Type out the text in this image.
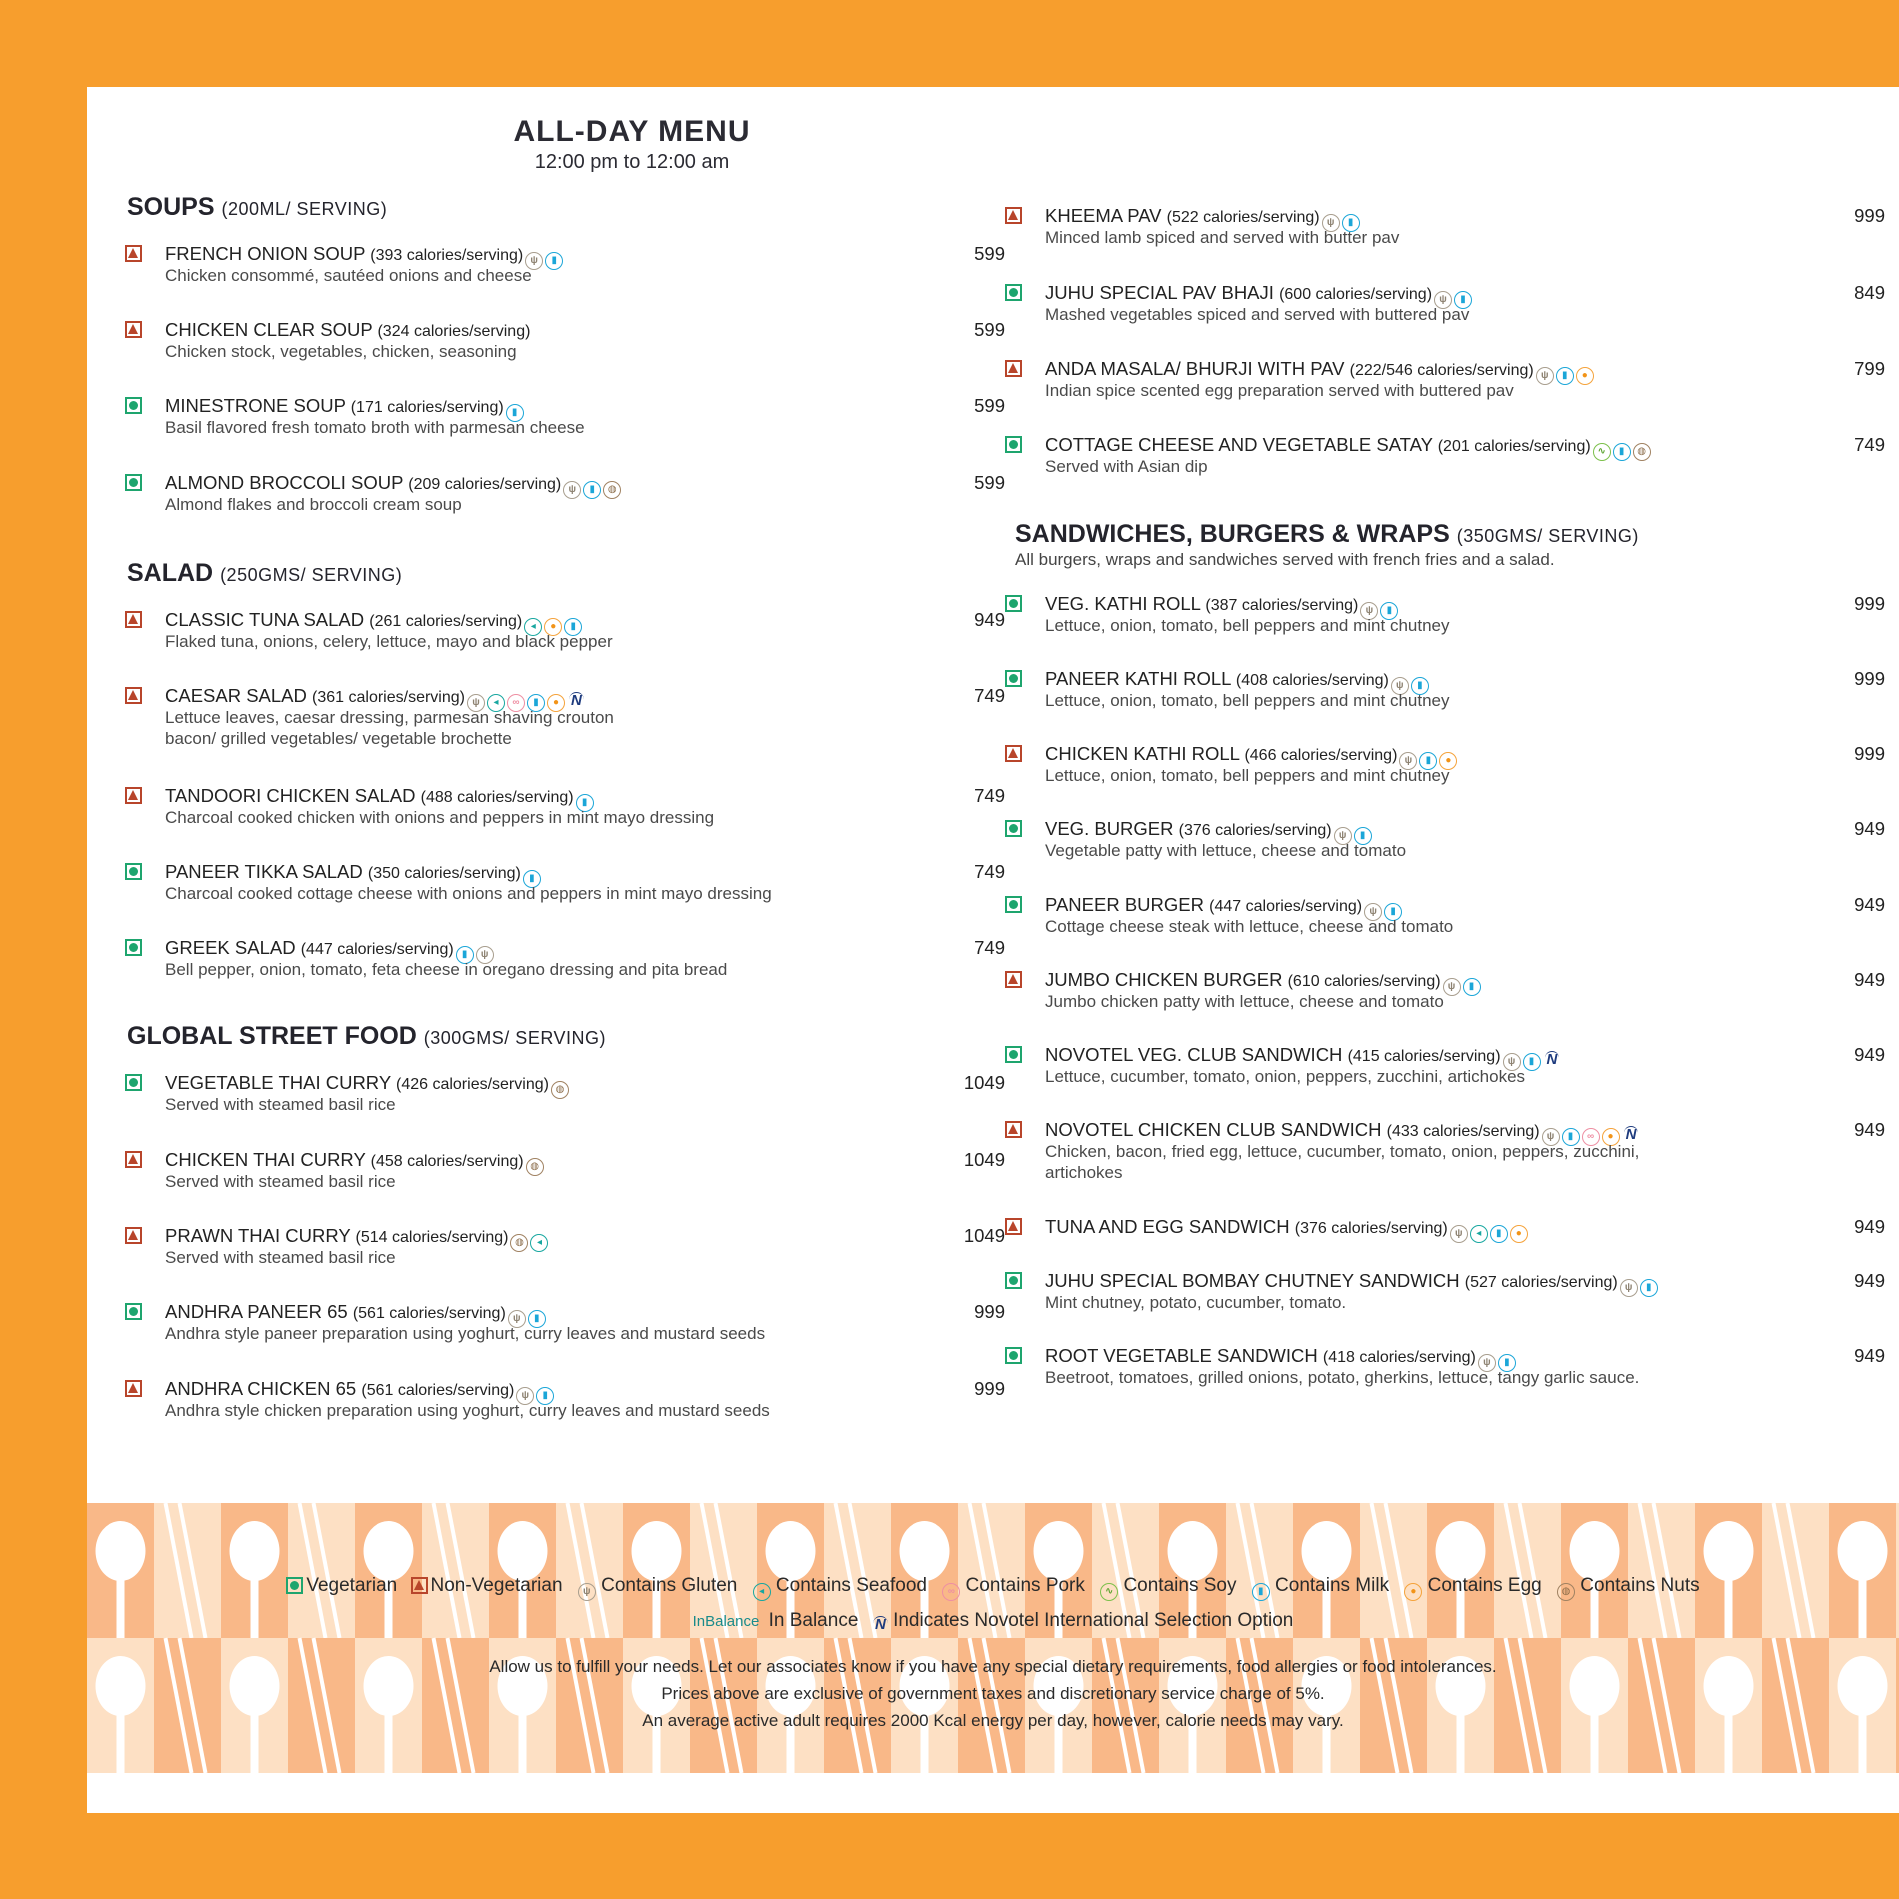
ALL-DAY MENU
12:00 pm to 12:00 am
SOUPS (200ML/ SERVING)
SALAD (250GMS/ SERVING)
GLOBAL STREET FOOD (300GMS/ SERVING)
FRENCH ONION SOUP (393 calories/serving) ψ ▮
Chicken consommé, sautéed onions and cheese
599
CHICKEN CLEAR SOUP (324 calories/serving)
Chicken stock, vegetables, chicken, seasoning
599
MINESTRONE SOUP (171 calories/serving) ▮
Basil flavored fresh tomato broth with parmesan cheese
599
ALMOND BROCCOLI SOUP (209 calories/serving) ψ ▮ ◍
Almond flakes and broccoli cream soup
599
CLASSIC TUNA SALAD (261 calories/serving) ◂ ● ▮
Flaked tuna, onions, celery, lettuce, mayo and black pepper
949
CAESAR SALAD (361 calories/serving) ψ ◂ ∞ ▮ ● N
Lettuce leaves, caesar dressing, parmesan shaving crouton
bacon/ grilled vegetables/ vegetable brochette
749
TANDOORI CHICKEN SALAD (488 calories/serving) ▮
Charcoal cooked chicken with onions and peppers in mint mayo dressing
749
PANEER TIKKA SALAD (350 calories/serving) ▮
Charcoal cooked cottage cheese with onions and peppers in mint mayo dressing
749
GREEK SALAD (447 calories/serving) ▮ ψ
Bell pepper, onion, tomato, feta cheese in oregano dressing and pita bread
749
VEGETABLE THAI CURRY (426 calories/serving) ◍
Served with steamed basil rice
1049
CHICKEN THAI CURRY (458 calories/serving) ◍
Served with steamed basil rice
1049
PRAWN THAI CURRY (514 calories/serving) ◍ ◂
Served with steamed basil rice
1049
ANDHRA PANEER 65 (561 calories/serving) ψ ▮
Andhra style paneer preparation using yoghurt, curry leaves and mustard seeds
999
ANDHRA CHICKEN 65 (561 calories/serving) ψ ▮
Andhra style chicken preparation using yoghurt, curry leaves and mustard seeds
999
SANDWICHES, BURGERS & WRAPS (350GMS/ SERVING)
All burgers, wraps and sandwiches served with french fries and a salad.
KHEEMA PAV (522 calories/serving) ψ ▮
Minced lamb spiced and served with butter pav
999
JUHU SPECIAL PAV BHAJI (600 calories/serving) ψ ▮
Mashed vegetables spiced and served with buttered pav
849
ANDA MASALA/ BHURJI WITH PAV (222/546 calories/serving) ψ ▮ ●
Indian spice scented egg preparation served with buttered pav
799
COTTAGE CHEESE AND VEGETABLE SATAY (201 calories/serving) ∿ ▮ ◍
Served with Asian dip
749
VEG. KATHI ROLL (387 calories/serving) ψ ▮
Lettuce, onion, tomato, bell peppers and mint chutney
999
PANEER KATHI ROLL (408 calories/serving) ψ ▮
Lettuce, onion, tomato, bell peppers and mint chutney
999
CHICKEN KATHI ROLL (466 calories/serving) ψ ▮ ●
Lettuce, onion, tomato, bell peppers and mint chutney
999
VEG. BURGER (376 calories/serving) ψ ▮
Vegetable patty with lettuce, cheese and tomato
949
PANEER BURGER (447 calories/serving) ψ ▮
Cottage cheese steak with lettuce, cheese and tomato
949
JUMBO CHICKEN BURGER (610 calories/serving) ψ ▮
Jumbo chicken patty with lettuce, cheese and tomato
949
NOVOTEL VEG. CLUB SANDWICH (415 calories/serving) ψ ▮ N
Lettuce, cucumber, tomato, onion, peppers, zucchini, artichokes
949
NOVOTEL CHICKEN CLUB SANDWICH (433 calories/serving) ψ ▮ ∞ ● N
Chicken, bacon, fried egg, lettuce, cucumber, tomato, onion, peppers, zucchini,
artichokes
949
TUNA AND EGG SANDWICH (376 calories/serving) ψ ◂ ▮ ●	949
JUHU SPECIAL BOMBAY CHUTNEY SANDWICH (527 calories/serving) ψ ▮
Mint chutney, potato, cucumber, tomato.
949
ROOT VEGETABLE SANDWICH (418 calories/serving) ψ ▮
Beetroot, tomatoes, grilled onions, potato, gherkins, lettuce, tangy garlic sauce.
949
Vegetarian Non-Vegetarian ψ Contains Gluten ◂ Contains Seafood ∞ Contains Pork ∿ Contains Soy ▮ Contains Milk ● Contains Egg ◍ Contains Nuts
InBalance In Balance N Indicates Novotel International Selection Option
Allow us to fulfill your needs. Let our associates know if you have any special dietary requirements, food allergies or food intolerances.
Prices above are exclusive of government taxes and discretionary service charge of 5%.
An average active adult requires 2000 Kcal energy per day, however, calorie needs may vary.
